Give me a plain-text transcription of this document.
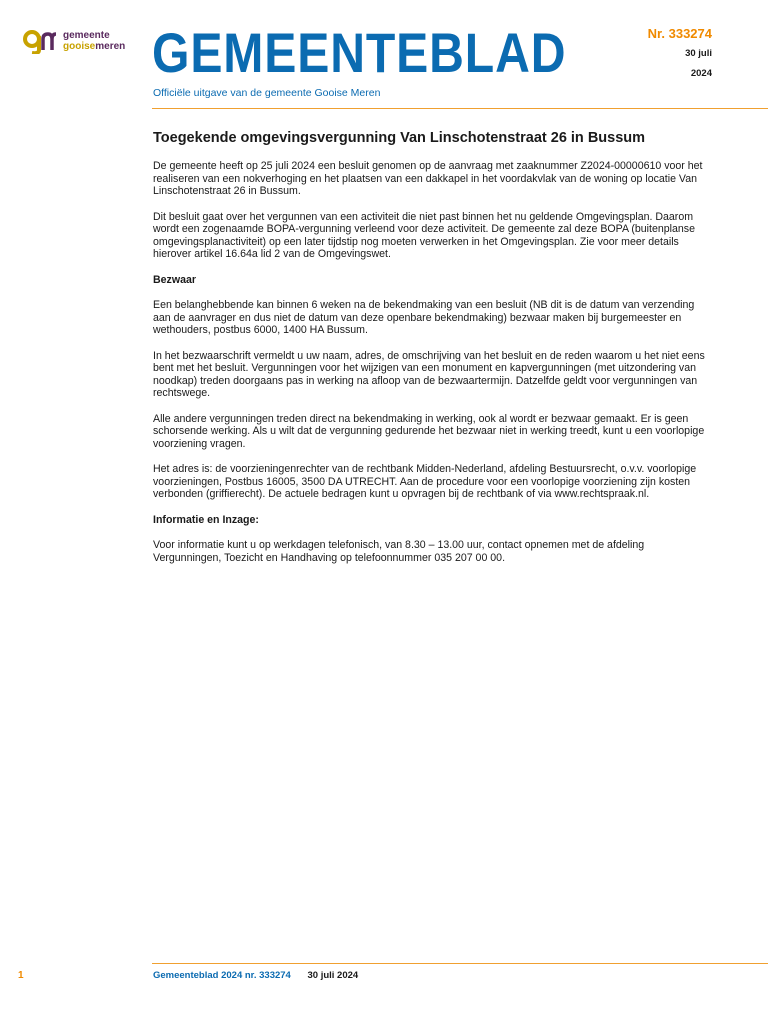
gemeente
gooisemeren GEMEENTEBLAD
Officiële uitgave van de gemeente Gooise Meren
Nr. 333274
30 juli
2024
Toegekende omgevingsvergunning Van Linschotenstraat 26 in Bussum

De gemeente heeft op 25 juli 2024 een besluit genomen op de aanvraag met zaaknummer Z2024-00000610 voor het realiseren van een nokverhoging en het plaatsen van een dakkapel in het voordakvlak van de woning op locatie Van Linschotenstraat 26 in Bussum.

Dit besluit gaat over het vergunnen van een activiteit die niet past binnen het nu geldende Omgevingsplan. Daarom wordt een zogenaamde BOPA-vergunning verleend voor deze activiteit. De gemeente zal deze BOPA (buitenplanse omgevingsplanactiviteit) op een later tijdstip nog moeten verwerken in het Omgevingsplan. Zie voor meer details hierover artikel 16.64a lid 2 van de Omgevingswet.

Bezwaar

Een belanghebbende kan binnen 6 weken na de bekendmaking van een besluit (NB dit is de datum van verzending aan de aanvrager en dus niet de datum van deze openbare bekendmaking) bezwaar maken bij burgemeester en wethouders, postbus 6000, 1400 HA Bussum.

In het bezwaarschrift vermeldt u uw naam, adres, de omschrijving van het besluit en de reden waarom u het niet eens bent met het besluit. Vergunningen voor het wijzigen van een monument en kapvergunningen (met uitzondering van noodkap) treden doorgaans pas in werking na afloop van de bezwaartermijn. Datzelfde geldt voor vergunningen van rechtswege.

Alle andere vergunningen treden direct na bekendmaking in werking, ook al wordt er bezwaar gemaakt. Er is geen schorsende werking. Als u wilt dat de vergunning gedurende het bezwaar niet in werking treedt, kunt u een voorlopige voorziening vragen.

Het adres is: de voorzieningenrechter van de rechtbank Midden-Nederland, afdeling Bestuursrecht, o.v.v. voorlopige voorzieningen, Postbus 16005, 3500 DA UTRECHT. Aan de procedure voor een voorlopige voorziening zijn kosten verbonden (griffierecht). De actuele bedragen kunt u opvragen bij de rechtbank of via www.rechtspraak.nl.

Informatie en Inzage:

Voor informatie kunt u op werkdagen telefonisch, van 8.30 – 13.00 uur, contact opnemen met de afdeling Vergunningen, Toezicht en Handhaving op telefoonnummer 035 207 00 00.

1	Gemeenteblad 2024 nr. 333274 30 juli 2024
